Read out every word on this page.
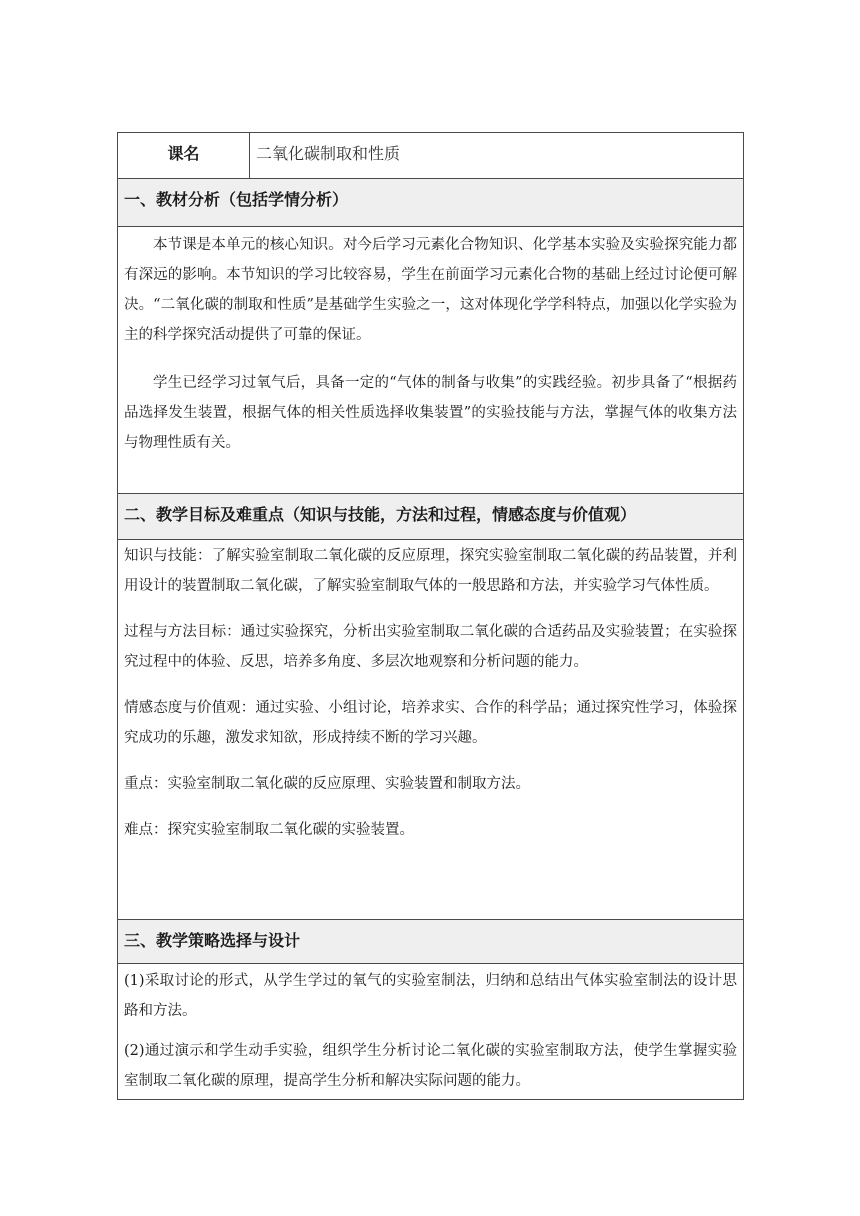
课名	二氧化碳制取和性质
一、教材分析（包括学情分析）

本节课是本单元的核心知识。对今后学习元素化合物知识、化学基本实验及实验探究能力都有深远的影响。本节知识的学习比较容易，学生在前面学习元素化合物的基础上经过讨论便可解决。“二氧化碳的制取和性质”是基础学生实验之一，这对体现化学学科特点，加强以化学实验为主的科学探究活动提供了可靠的保证。

学生已经学习过氧气后，具备一定的“气体的制备与收集”的实践经验。初步具备了“根据药品选择发生装置，根据气体的相关性质选择收集装置”的实验技能与方法，掌握气体的收集方法与物理性质有关。

二、教学目标及难重点（知识与技能，方法和过程，情感态度与价值观）

知识与技能：了解实验室制取二氧化碳的反应原理，探究实验室制取二氧化碳的药品装置，并利用设计的装置制取二氧化碳，了解实验室制取气体的一般思路和方法，并实验学习气体性质。

过程与方法目标：通过实验探究，分析出实验室制取二氧化碳的合适药品及实验装置；在实验探究过程中的体验、反思，培养多角度、多层次地观察和分析问题的能力。

情感态度与价值观：通过实验、小组讨论，培养求实、合作的科学品；通过探究性学习，体验探究成功的乐趣，激发求知欲，形成持续不断的学习兴趣。

重点：实验室制取二氧化碳的反应原理、实验装置和制取方法。

难点：探究实验室制取二氧化碳的实验装置。

三、教学策略选择与设计

(1)采取讨论的形式，从学生学过的氧气的实验室制法，归纳和总结出气体实验室制法的设计思路和方法。

(2)通过演示和学生动手实验，组织学生分析讨论二氧化碳的实验室制取方法，使学生掌握实验室制取二氧化碳的原理，提高学生分析和解决实际问题的能力。
